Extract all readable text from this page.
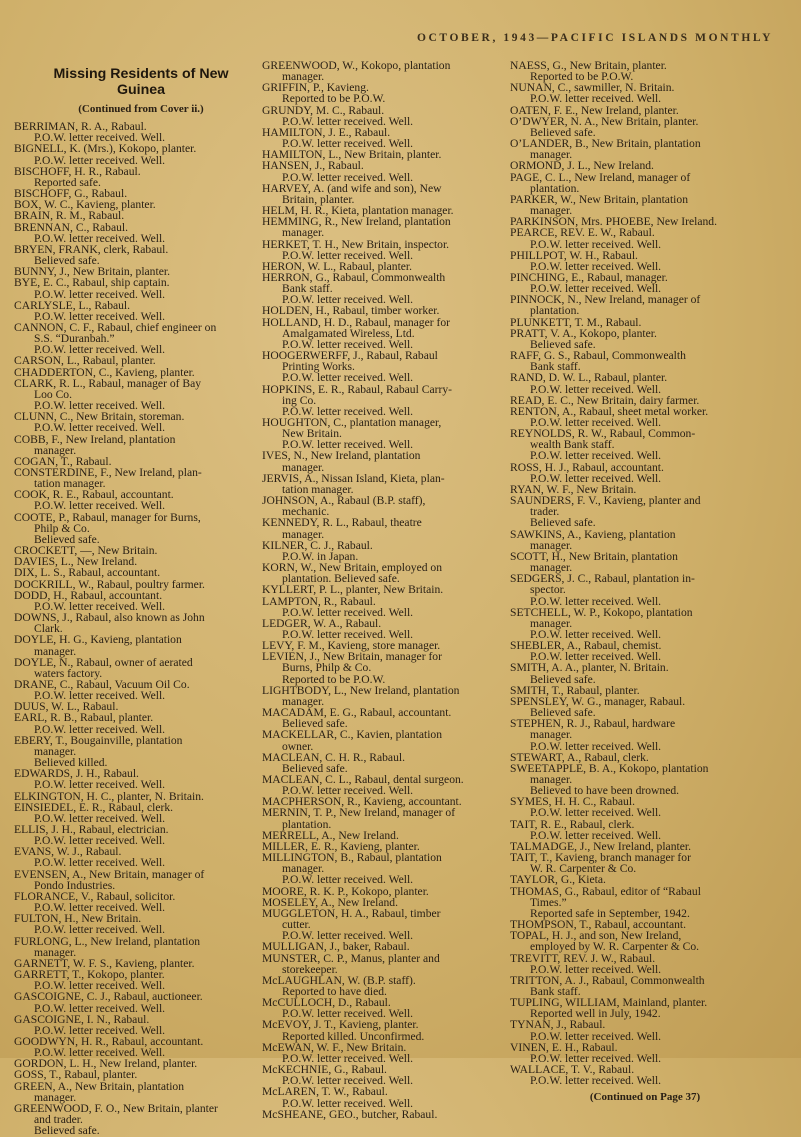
OCTOBER, 1943—PACIFIC ISLANDS MONTHLY
Missing Residents of New
Guinea
(Continued from Cover ii.)
BERRIMAN, R. A., Rabaul.
P.O.W. letter received. Well.
BIGNELL, K. (Mrs.), Kokopo, planter.
P.O.W. letter received. Well.
BISCHOFF, H. R., Rabaul.
Reported safe.
BISCHOFF, G., Rabaul.
BOX, W. C., Kavieng, planter.
BRAIN, R. M., Rabaul.
BRENNAN, C., Rabaul.
P.O.W. letter received. Well.
BRYEN, FRANK, clerk, Rabaul.
Believed safe.
BUNNY, J., New Britain, planter.
BYE, E. C., Rabaul, ship captain.
P.O.W. letter received. Well.
CARLYSLE, L., Rabaul.
P.O.W. letter received. Well.
CANNON, C. F., Rabaul, chief engineer on
S.S. “Duranbah.”
P.O.W. letter received. Well.
CARSON, L., Rabaul, planter.
CHADDERTON, C., Kavieng, planter.
CLARK, R. L., Rabaul, manager of Bay
Loo Co.
P.O.W. letter received. Well.
CLUNN, C., New Britain, storeman.
P.O.W. letter received. Well.
COBB, F., New Ireland, plantation
manager.
COGAN, T., Rabaul.
CONSTERDINE, F., New Ireland, plan-
tation manager.
COOK, R. E., Rabaul, accountant.
P.O.W. letter received. Well.
COOTE, P., Rabaul, manager for Burns,
Philp & Co.
Believed safe.
CROCKETT, —, New Britain.
DAVIES, L., New Ireland.
DIX, L. S., Rabaul, accountant.
DOCKRILL, W., Rabaul, poultry farmer.
DODD, H., Rabaul, accountant.
P.O.W. letter received. Well.
DOWNS, J., Rabaul, also known as John
Clark.
DOYLE, H. G., Kavieng, plantation
manager.
DOYLE, N., Rabaul, owner of aerated
waters factory.
DRANE, C., Rabaul, Vacuum Oil Co.
P.O.W. letter received. Well.
DUUS, W. L., Rabaul.
EARL, R. B., Rabaul, planter.
P.O.W. letter received. Well.
EBERY, T., Bougainville, plantation
manager.
Believed killed.
EDWARDS, J. H., Rabaul.
P.O.W. letter received. Well.
ELKINGTON, H. C., planter, N. Britain.
EINSIEDEL, E. R., Rabaul, clerk.
P.O.W. letter received. Well.
ELLIS, J. H., Rabaul, electrician.
P.O.W. letter received. Well.
EVANS, W. J., Rabaul.
P.O.W. letter received. Well.
EVENSEN, A., New Britain, manager of
Pondo Industries.
FLORANCE, V., Rabaul, solicitor.
P.O.W. letter received. Well.
FULTON, H., New Britain.
P.O.W. letter received. Well.
FURLONG, L., New Ireland, plantation
manager.
GARNETT, W. F. S., Kavieng, planter.
GARRETT, T., Kokopo, planter.
P.O.W. letter received. Well.
GASCOIGNE, C. J., Rabaul, auctioneer.
P.O.W. letter received. Well.
GASCOIGNE, I. N., Rabaul.
P.O.W. letter received. Well.
GOODWYN, H. R., Rabaul, accountant.
P.O.W. letter received. Well.
GORDON, L. H., New Ireland, planter.
GOSS, T., Rabaul, planter.
GREEN, A., New Britain, plantation
manager.
GREENWOOD, F. O., New Britain, planter
and trader.
Believed safe.
GREENWOOD, W., Kokopo, plantation
manager.
GRIFFIN, P., Kavieng.
Reported to be P.O.W.
GRUNDY, M. C., Rabaul.
P.O.W. letter received. Well.
HAMILTON, J. E., Rabaul.
P.O.W. letter received. Well.
HAMILTON, L., New Britain, planter.
HANSEN, J., Rabaul.
P.O.W. letter received. Well.
HARVEY, A. (and wife and son), New
Britain, planter.
HELM, H. R., Kieta, plantation manager.
HEMMING, R., New Ireland, plantation
manager.
HERKET, T. H., New Britain, inspector.
P.O.W. letter received. Well.
HERON, W. L., Rabaul, planter.
HERRON, G., Rabaul, Commonwealth
Bank staff.
P.O.W. letter received. Well.
HOLDEN, H., Rabaul, timber worker.
HOLLAND, H. D., Rabaul, manager for
Amalgamated Wireless, Ltd.
P.O.W. letter received. Well.
HOOGERWERFF, J., Rabaul, Rabaul
Printing Works.
P.O.W. letter received. Well.
HOPKINS, E. R., Rabaul, Rabaul Carry-
ing Co.
P.O.W. letter received. Well.
HOUGHTON, C., plantation manager,
New Britain.
P.O.W. letter received. Well.
IVES, N., New Ireland, plantation
manager.
JERVIS, A., Nissan Island, Kieta, plan-
tation manager.
JOHNSON, A., Rabaul (B.P. staff),
mechanic.
KENNEDY, R. L., Rabaul, theatre
manager.
KILNER, C. J., Rabaul.
P.O.W. in Japan.
KORN, W., New Britain, employed on
plantation. Believed safe.
KYLLERT, P. L., planter, New Britain.
LAMPTON, R., Rabaul.
P.O.W. letter received. Well.
LEDGER, W. A., Rabaul.
P.O.W. letter received. Well.
LEVY, F. M., Kavieng, store manager.
LEVIEN, J., New Britain, manager for
Burns, Philp & Co.
Reported to be P.O.W.
LIGHTBODY, L., New Ireland, plantation
manager.
MACADAM, E. G., Rabaul, accountant.
Believed safe.
MACKELLAR, C., Kavien, plantation
owner.
MACLEAN, C. H. R., Rabaul.
Believed safe.
MACLEAN, C. L., Rabaul, dental surgeon.
P.O.W. letter received. Well.
MACPHERSON, R., Kavieng, accountant.
MERNIN, T. P., New Ireland, manager of
plantation.
MERRELL, A., New Ireland.
MILLER, E. R., Kavieng, planter.
MILLINGTON, B., Rabaul, plantation
manager.
P.O.W. letter received. Well.
MOORE, R. K. P., Kokopo, planter.
MOSELEY, A., New Ireland.
MUGGLETON, H. A., Rabaul, timber
cutter.
P.O.W. letter received. Well.
MULLIGAN, J., baker, Rabaul.
MUNSTER, C. P., Manus, planter and
storekeeper.
McLAUGHLAN, W. (B.P. staff).
Reported to have died.
McCULLOCH, D., Rabaul.
P.O.W. letter received. Well.
McEVOY, J. T., Kavieng, planter.
Reported killed. Unconfirmed.
McEWAN, W. F., New Britain.
P.O.W. letter received. Well.
McKECHNIE, G., Rabaul.
P.O.W. letter received. Well.
McLAREN, T. W., Rabaul.
P.O.W. letter received. Well.
McSHEANE, GEO., butcher, Rabaul.
NAESS, G., New Britain, planter.
Reported to be P.O.W.
NUNAN, C., sawmiller, N. Britain.
P.O.W. letter received. Well.
OATEN, F. E., New Ireland, planter.
O’DWYER, N. A., New Britain, planter.
Believed safe.
O’LANDER, B., New Britain, plantation
manager.
ORMOND, J. L., New Ireland.
PAGE, C. L., New Ireland, manager of
plantation.
PARKER, W., New Britain, plantation
manager.
PARKINSON, Mrs. PHOEBE, New Ireland.
PEARCE, REV. E. W., Rabaul.
P.O.W. letter received. Well.
PHILLPOT, W. H., Rabaul.
P.O.W. letter received. Well.
PINCHING, E., Rabaul, manager.
P.O.W. letter received. Well.
PINNOCK, N., New Ireland, manager of
plantation.
PLUNKETT, T. M., Rabaul.
PRATT, V. A., Kokopo, planter.
Believed safe.
RAFF, G. S., Rabaul, Commonwealth
Bank staff.
RAND, D. W. L., Rabaul, planter.
P.O.W. letter received. Well.
READ, E. C., New Britain, dairy farmer.
RENTON, A., Rabaul, sheet metal worker.
P.O.W. letter received. Well.
REYNOLDS, R. W., Rabaul, Common-
wealth Bank staff.
P.O.W. letter received. Well.
ROSS, H. J., Rabaul, accountant.
P.O.W. letter received. Well.
RYAN, W. F., New Britain.
SAUNDERS, F. V., Kavieng, planter and
trader.
Believed safe.
SAWKINS, A., Kavieng, plantation
manager.
SCOTT, H., New Britain, plantation
manager.
SEDGERS, J. C., Rabaul, plantation in-
spector.
P.O.W. letter received. Well.
SETCHELL, W. P., Kokopo, plantation
manager.
P.O.W. letter received. Well.
SHEBLER, A., Rabaul, chemist.
P.O.W. letter received. Well.
SMITH, A. A., planter, N. Britain.
Believed safe.
SMITH, T., Rabaul, planter.
SPENSLEY, W. G., manager, Rabaul.
Believed safe.
STEPHEN, R. J., Rabaul, hardware
manager.
P.O.W. letter received. Well.
STEWART, A., Rabaul, clerk.
SWEETAPPLE, B. A., Kokopo, plantation
manager.
Believed to have been drowned.
SYMES, H. H. C., Rabaul.
P.O.W. letter received. Well.
TAIT, R. E., Rabaul, clerk.
P.O.W. letter received. Well.
TALMADGE, J., New Ireland, planter.
TAIT, T., Kavieng, branch manager for
W. R. Carpenter & Co.
TAYLOR, G., Kieta.
THOMAS, G., Rabaul, editor of “Rabaul
Times.”
Reported safe in September, 1942.
THOMPSON, T., Rabaul, accountant.
TOPAL, H. J., and son, New Ireland,
employed by W. R. Carpenter & Co.
TREVITT, REV. J. W., Rabaul.
P.O.W. letter received. Well.
TRITTON, A. J., Rabaul, Commonwealth
Bank staff.
TUPLING, WILLIAM, Mainland, planter.
Reported well in July, 1942.
TYNAN, J., Rabaul.
P.O.W. letter received. Well.
VINEN, E. H., Rabaul.
P.O.W. letter received. Well.
WALLACE, T. V., Rabaul.
P.O.W. letter received. Well.
(Continued on Page 37)
